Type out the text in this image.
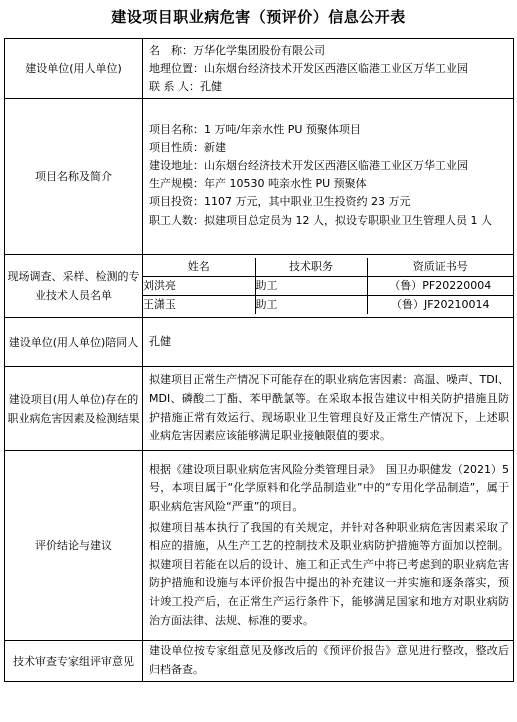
建设项目职业病危害（预评价）信息公开表
建设单位(用人单位)	
名　称：万华化学集团股份有限公司
地理位置：山东烟台经济技术开发区西港区临港工业区万华工业园
联 系 人：孔健

项目名称及简介	
项目名称：1 万吨/年亲水性 PU 预聚体项目
项目性质：新建
建设地址：山东烟台经济技术开发区西港区临港工业区万华工业园
生产规模：年产 10530 吨亲水性 PU 预聚体
项目投资：1107 万元，其中职业卫生投资约 23 万元
职工人数：拟建项目总定员为 12 人，拟设专职职业卫生管理人员 1 人

现场调查、采样、检测的专业技术人员名单	
姓名	技术职务	资质证书号
刘洪亮	助工	（鲁）PF20220004
王潇玉	助工	（鲁）JF20210014

建设单位(用人单位)陪同人	孔健

建设项目(用人单位)存在的职业病危害因素及检测结果	
拟建项目正常生产情况下可能存在的职业病危害因素：高温、噪声、TDI、MDI、磷酸二丁酯、苯甲酰氯等。在采取本报告建议中相关防护措施且防护措施正常有效运行、现场职业卫生管理良好及正常生产情况下，上述职业病危害因素应该能够满足职业接触限值的要求。

评价结论与建议	
根据《建设项目职业病危害风险分类管理目录》　国卫办职健发（2021）5 号，本项目属于“化学原料和化学品制造业”中的“专用化学品制造”，属于职业病危害风险“严重”的项目。
拟建项目基本执行了我国的有关规定，并针对各种职业病危害因素采取了相应的措施，从生产工艺的控制技术及职业病防护措施等方面加以控制。拟建项目若能在以后的设计、施工和正式生产中将已考虑到的职业病危害防护措施和设施与本评价报告中提出的补充建议一并实施和逐条落实，预计竣工投产后，在正常生产运行条件下，能够满足国家和地方对职业病防治方面法律、法规、标准的要求。

技术审查专家组评审意见	
建设单位按专家组意见及修改后的《预评价报告》意见进行整改，整改后归档备查。
